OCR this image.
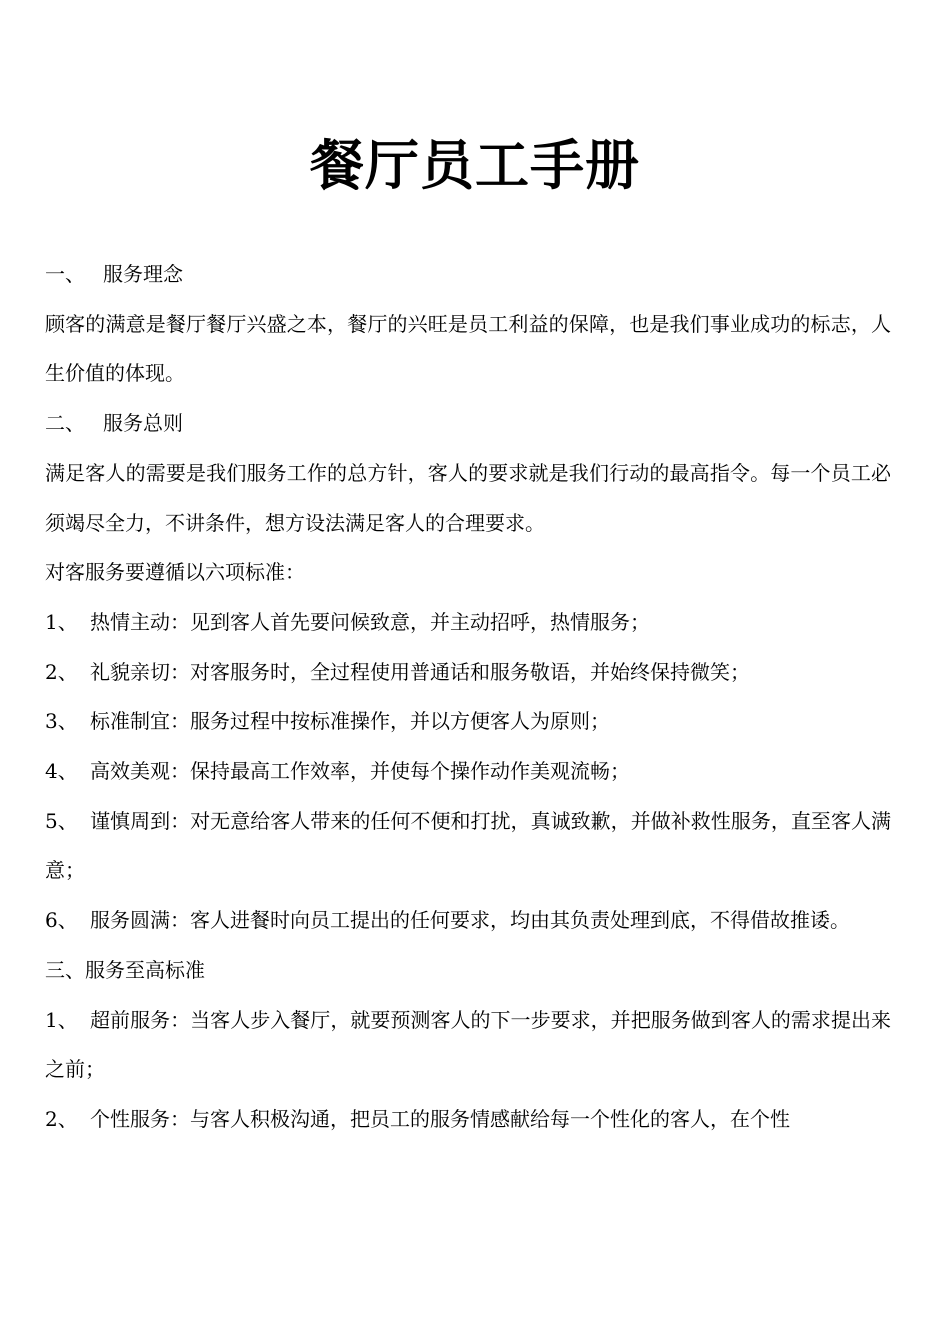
餐厅员工手册

一、 服务理念

顾客的满意是餐厅餐厅兴盛之本，餐厅的兴旺是员工利益的保障，也是我们事业成功的标志，人生价值的体现。

二、 服务总则

满足客人的需要是我们服务工作的总方针，客人的要求就是我们行动的最高指令。每一个员工必须竭尽全力，不讲条件，想方设法满足客人的合理要求。

对客服务要遵循以六项标准：

1、 热情主动：见到客人首先要问候致意，并主动招呼，热情服务；

2、 礼貌亲切：对客服务时，全过程使用普通话和服务敬语，并始终保持微笑；

3、 标准制宜：服务过程中按标准操作，并以方便客人为原则；

4、 高效美观：保持最高工作效率，并使每个操作动作美观流畅；

5、 谨慎周到：对无意给客人带来的任何不便和打扰，真诚致歉，并做补救性服务，直至客人满意；

6、 服务圆满：客人进餐时向员工提出的任何要求，均由其负责处理到底，不得借故推诿。

三、服务至高标准

1、 超前服务：当客人步入餐厅，就要预测客人的下一步要求，并把服务做到客人的需求提出来之前；

2、 个性服务：与客人积极沟通，把员工的服务情感献给每一个性化的客人，在个性
